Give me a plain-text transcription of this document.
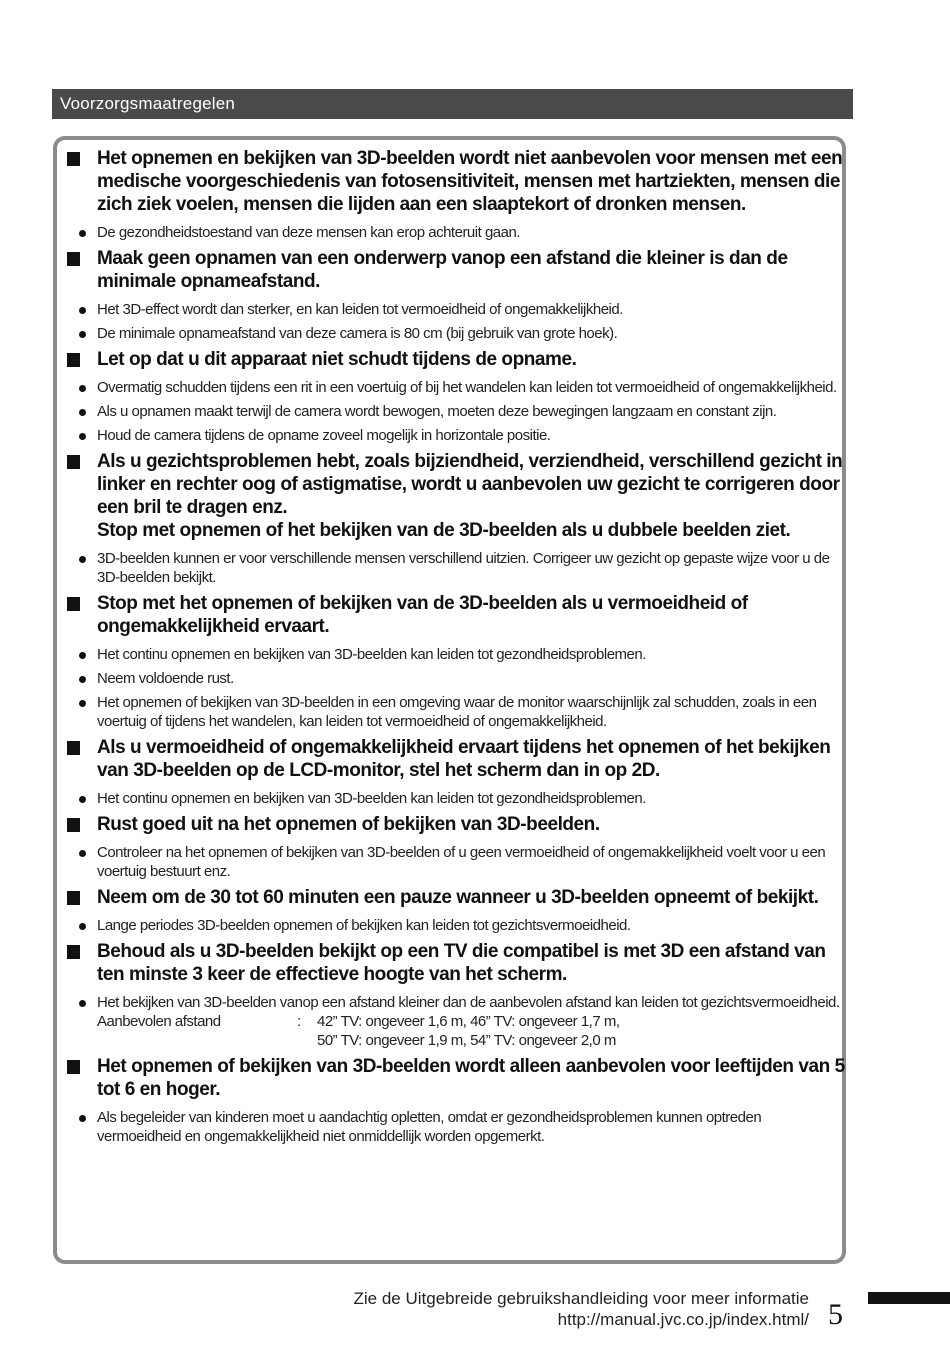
Voorzorgsmaatregelen
Het opnemen en bekijken van 3D-beelden wordt niet aanbevolen voor mensen met een medische voorgeschiedenis van fotosensitiviteit, mensen met hartziekten, mensen die zich ziek voelen, mensen die lijden aan een slaaptekort of dronken mensen.
De gezondheidstoestand van deze mensen kan erop achteruit gaan.
Maak geen opnamen van een onderwerp vanop een afstand die kleiner is dan de minimale opnameafstand.
Het 3D-effect wordt dan sterker, en kan leiden tot vermoeidheid of ongemakkelijkheid.
De minimale opnameafstand van deze camera is 80 cm (bij gebruik van grote hoek).
Let op dat u dit apparaat niet schudt tijdens de opname.
Overmatig schudden tijdens een rit in een voertuig of bij het wandelen kan leiden tot vermoeidheid of ongemakkelijkheid.
Als u opnamen maakt terwijl de camera wordt bewogen, moeten deze bewegingen langzaam en constant zijn.
Houd de camera tijdens de opname zoveel mogelijk in horizontale positie.
Als u gezichtsproblemen hebt, zoals bijziendheid, verziendheid, verschillend gezicht in linker en rechter oog of astigmatise, wordt u aanbevolen uw gezicht te corrigeren door een bril te dragen enz.
Stop met opnemen of het bekijken van de 3D-beelden als u dubbele beelden ziet.
3D-beelden kunnen er voor verschillende mensen verschillend uitzien. Corrigeer uw gezicht op gepaste wijze voor u de 3D-beelden bekijkt.
Stop met het opnemen of bekijken van de 3D-beelden als u vermoeidheid of ongemakkelijkheid ervaart.
Het continu opnemen en bekijken van 3D-beelden kan leiden tot gezondheidsproblemen.
Neem voldoende rust.
Het opnemen of bekijken van 3D-beelden in een omgeving waar de monitor waarschijnlijk zal schudden, zoals in een voertuig of tijdens het wandelen, kan leiden tot vermoeidheid of ongemakkelijkheid.
Als u vermoeidheid of ongemakkelijkheid ervaart tijdens het opnemen of het bekijken van 3D-beelden op de LCD-monitor, stel het scherm dan in op 2D.
Het continu opnemen en bekijken van 3D-beelden kan leiden tot gezondheidsproblemen.
Rust goed uit na het opnemen of bekijken van 3D-beelden.
Controleer na het opnemen of bekijken van 3D-beelden of u geen vermoeidheid of ongemakkelijkheid voelt voor u een voertuig bestuurt enz.
Neem om de 30 tot 60 minuten een pauze wanneer u 3D-beelden opneemt of bekijkt.
Lange periodes 3D-beelden opnemen of bekijken kan leiden tot gezichtsvermoeidheid.
Behoud als u 3D-beelden bekijkt op een TV die compatibel is met 3D een afstand van ten minste 3 keer de effectieve hoogte van het scherm.
Het bekijken van 3D-beelden vanop een afstand kleiner dan de aanbevolen afstand kan leiden tot gezichtsvermoeidheid.
Aanbevolen afstand	:	42” TV: ongeveer 1,6 m, 46” TV: ongeveer 1,7 m,
50” TV: ongeveer 1,9 m, 54” TV: ongeveer 2,0 m
Het opnemen of bekijken van 3D-beelden wordt alleen aanbevolen voor leeftijden van 5 tot 6 en hoger.
Als begeleider van kinderen moet u aandachtig opletten, omdat er gezondheidsproblemen kunnen optreden vermoeidheid en ongemakkelijkheid niet onmiddellijk worden opgemerkt.
Zie de Uitgebreide gebruikshandleiding voor meer informatie
http://manual.jvc.co.jp/index.html/ 5
